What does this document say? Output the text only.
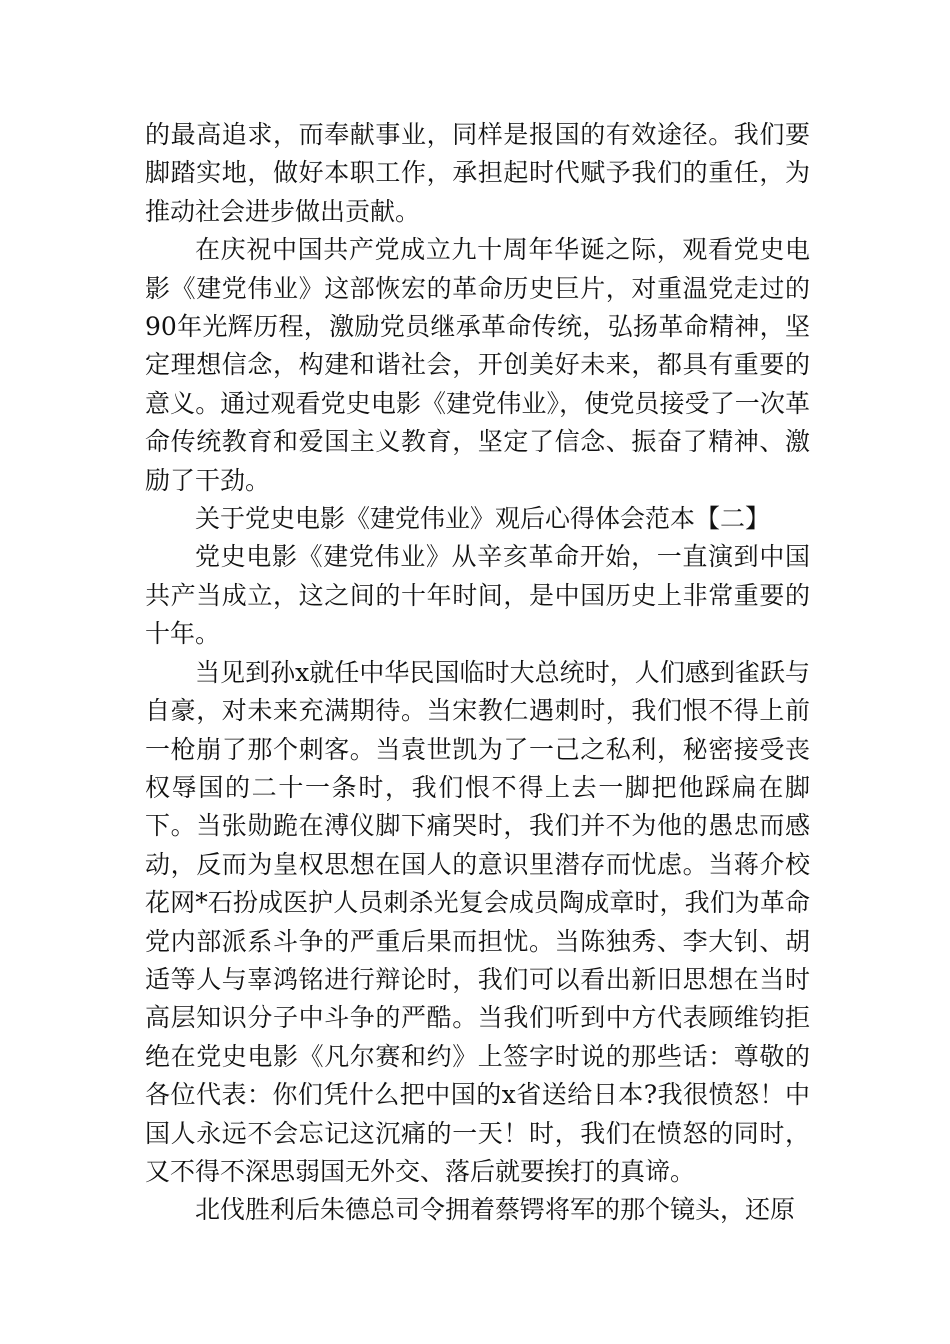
的最高追求，而奉献事业，同样是报国的有效途径。我们要脚踏实地，做好本职工作，承担起时代赋予我们的重任，为推动社会进步做出贡献。

在庆祝中国共产党成立九十周年华诞之际，观看党史电影《建党伟业》这部恢宏的革命历史巨片，对重温党走过的90年光辉历程，激励党员继承革命传统，弘扬革命精神，坚定理想信念，构建和谐社会，开创美好未来，都具有重要的意义。通过观看党史电影《建党伟业》，使党员接受了一次革命传统教育和爱国主义教育，坚定了信念、振奋了精神、激励了干劲。

关于党史电影《建党伟业》观后心得体会范本【二】

党史电影《建党伟业》从辛亥革命开始，一直演到中国共产当成立，这之间的十年时间，是中国历史上非常重要的十年。

当见到孙x就任中华民国临时大总统时，人们感到雀跃与自豪，对未来充满期待。当宋教仁遇刺时，我们恨不得上前一枪崩了那个刺客。当袁世凯为了一己之私利，秘密接受丧权辱国的二十一条时，我们恨不得上去一脚把他踩扁在脚下。当张勋跪在溥仪脚下痛哭时，我们并不为他的愚忠而感动，反而为皇权思想在国人的意识里潜存而忧虑。当蒋介校花网*石扮成医护人员刺杀光复会成员陶成章时，我们为革命党内部派系斗争的严重后果而担忧。当陈独秀、李大钊、胡适等人与辜鸿铭进行辩论时，我们可以看出新旧思想在当时高层知识分子中斗争的严酷。当我们听到中方代表顾维钧拒绝在党史电影《凡尔赛和约》上签字时说的那些话：尊敬的各位代表：你们凭什么把中国的x省送给日本?我很愤怒！中国人永远不会忘记这沉痛的一天！时，我们在愤怒的同时，又不得不深思弱国无外交、落后就要挨打的真谛。

北伐胜利后朱德总司令拥着蔡锷将军的那个镜头，还原
